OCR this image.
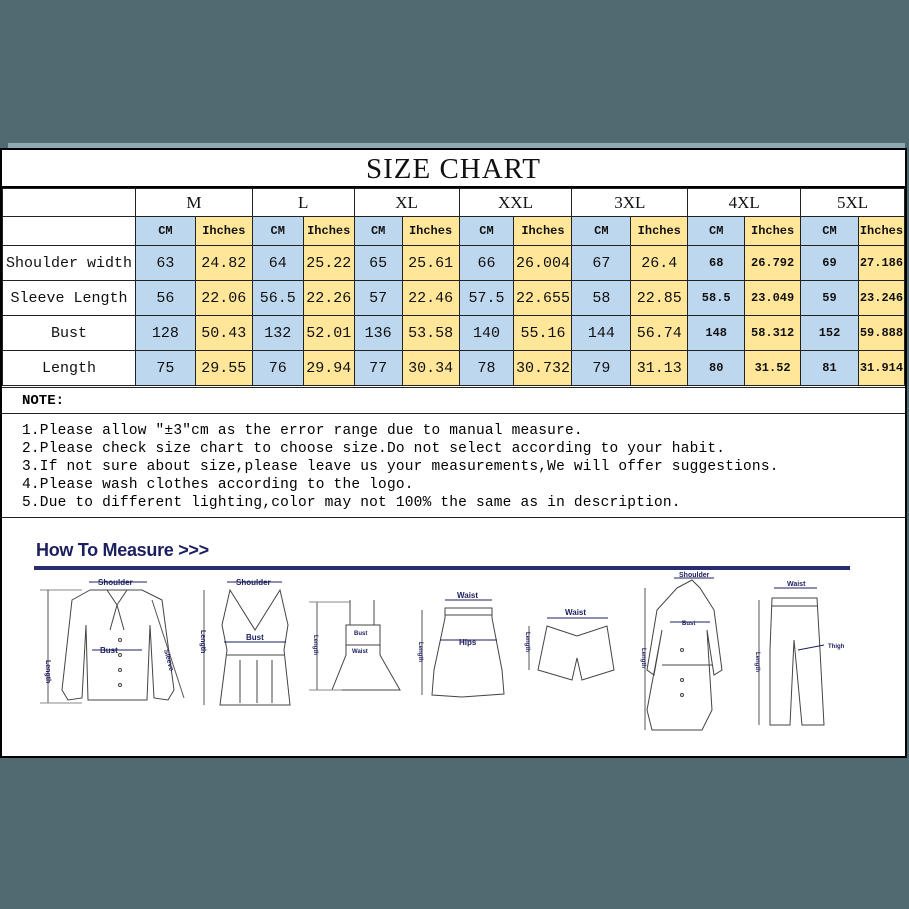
SIZE CHART
	M		L		XL		XXL		3XL		4XL		5XL	
	CM	Ihches	CM	Ihches	CM	Ihches	CM	Ihches	CM	Ihches	CM	Ihches	CM	Ihches
Shoulder width	63	24.82	64	25.22	65	25.61	66	26.004	67	26.4	68	26.792	69	27.186
Sleeve Length	56	22.06	56.5	22.26	57	22.46	57.5	22.655	58	22.85	58.5	23.049	59	23.246
Bust	128	50.43	132	52.01	136	53.58	140	55.16	144	56.74	148	58.312	152	59.888
Length	75	29.55	76	29.94	77	30.34	78	30.732	79	31.13	80	31.52	81	31.914
NOTE:
1.Please allow ″±3″cm as the error range due to manual measure.
2.Please check size chart to choose size.Do not select according to your habit.
3.If not sure about size,please leave us your measurements,We will offer suggestions.
4.Please wash clothes according to the logo.
5.Due to different lighting,color may not 100% the same as in description.
How To Measure >>>
Shoulder
Bust
Length	Sleeve
Shoulder
Bust
Length	Bust
Waist
Length
Waist
Hips
Length
Waist
Length
Shoulder
Bust
Length
Waist
Thigh
Length
